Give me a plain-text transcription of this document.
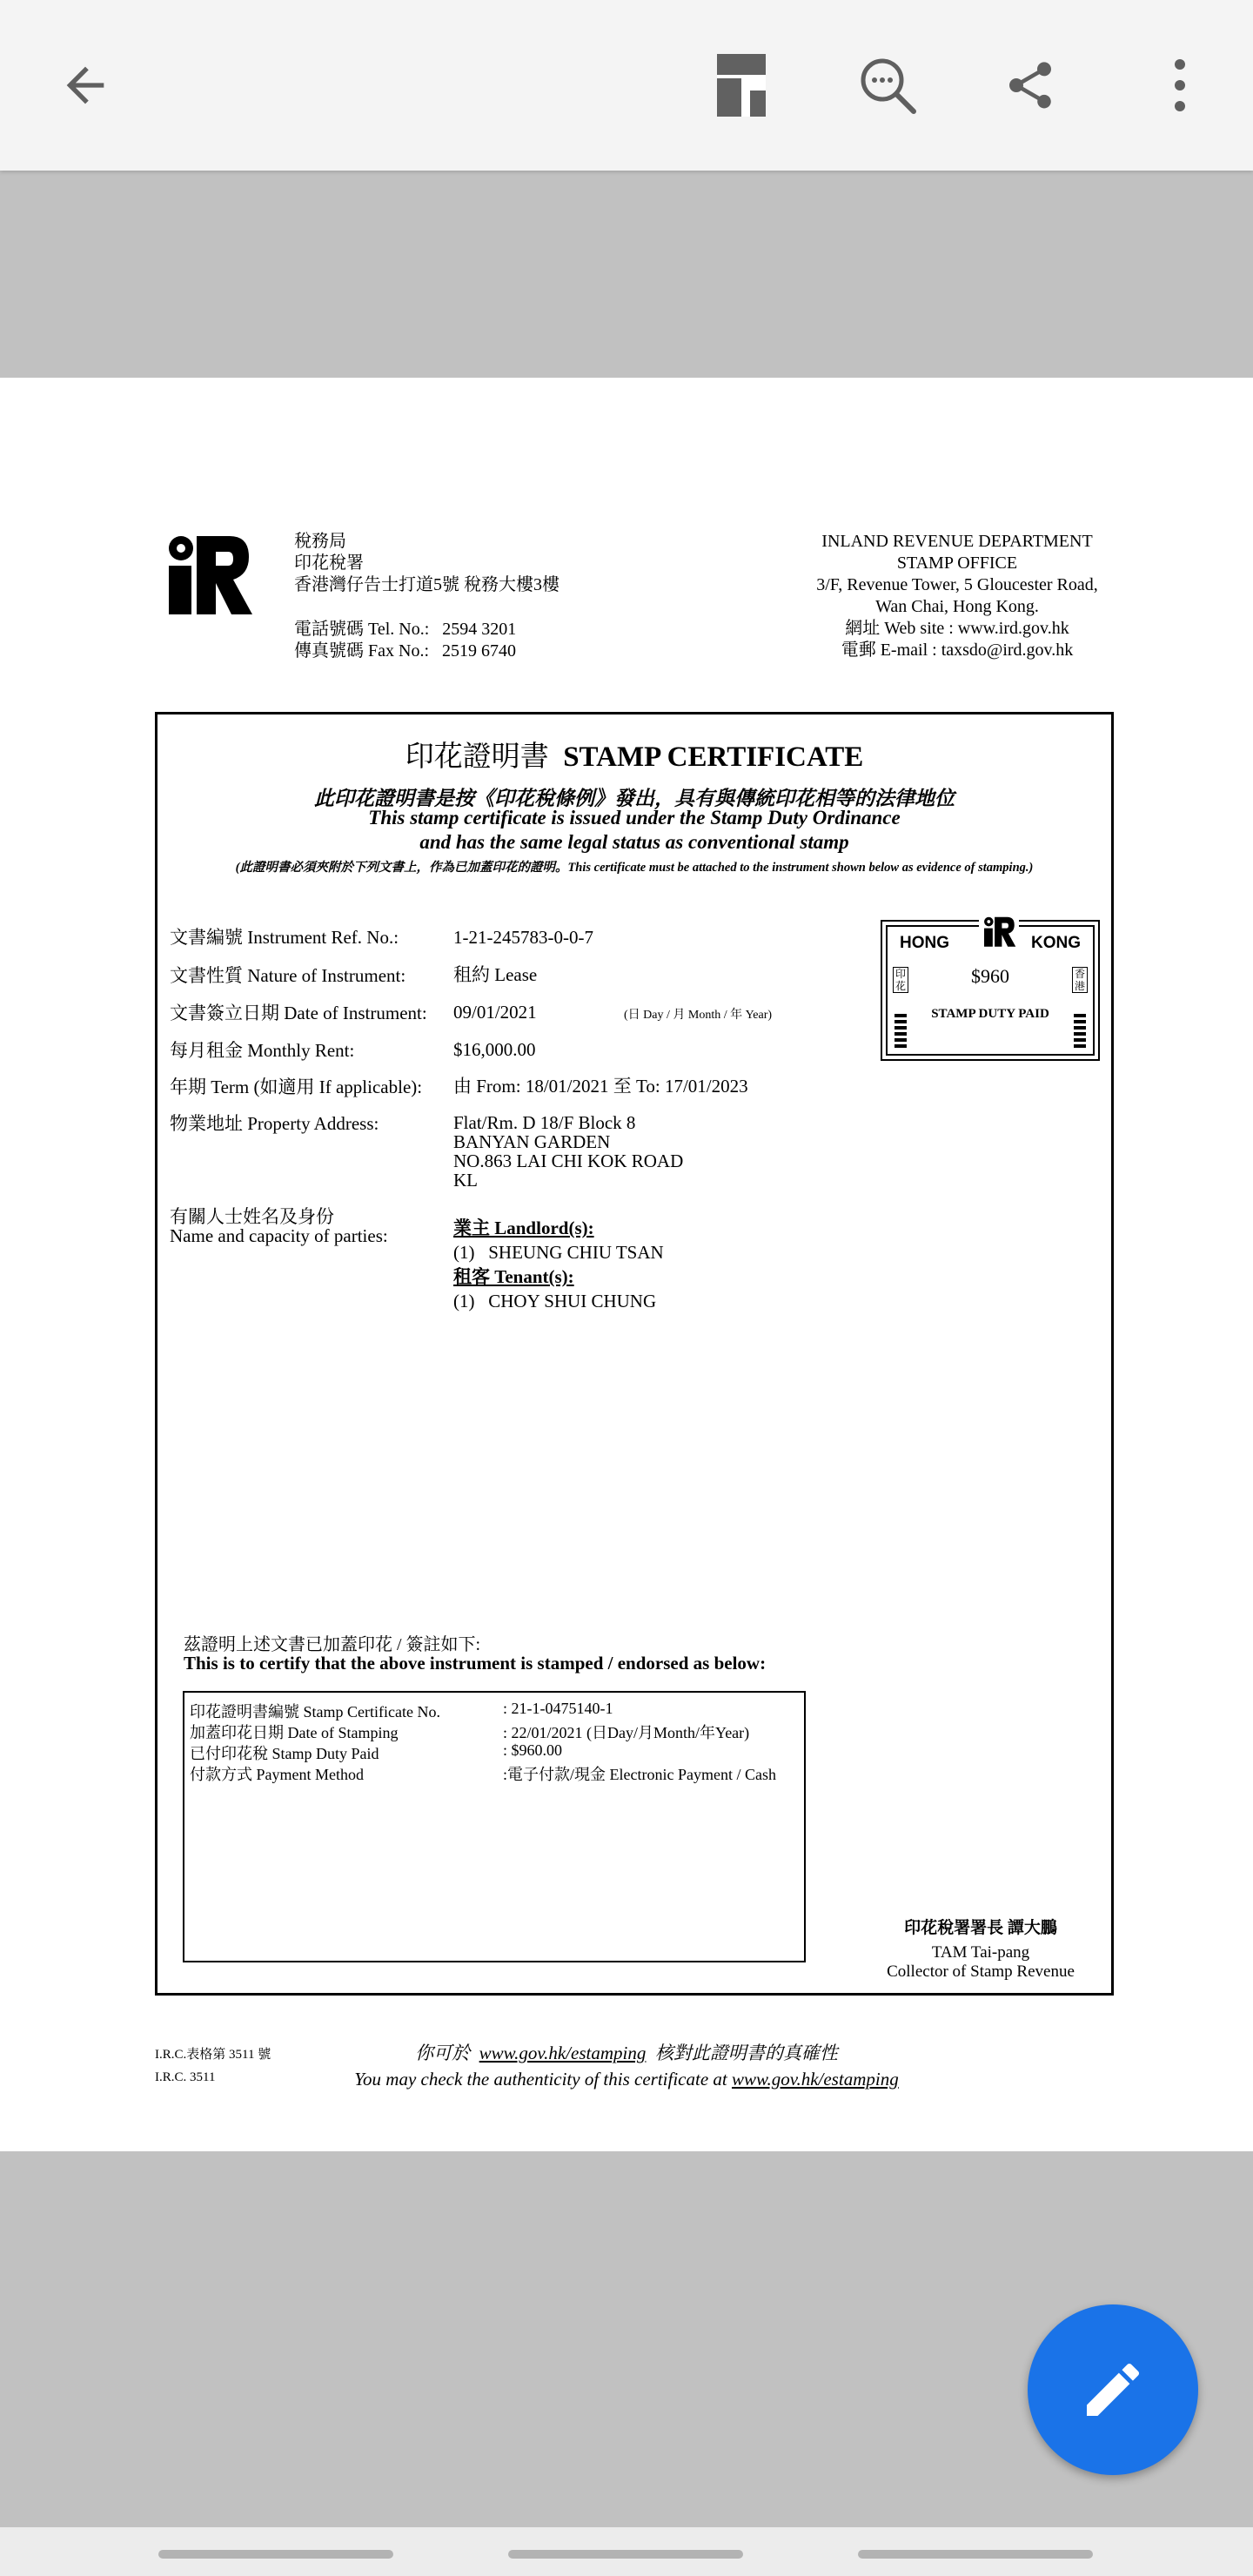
稅務局
印花稅署
香港灣仔告士打道5號 稅務大樓3樓
電話號碼 Tel. No.: 2594 3201
傳真號碼 Fax No.: 2519 6740
INLAND REVENUE DEPARTMENT
STAMP OFFICE
3/F, Revenue Tower, 5 Gloucester Road,
Wan Chai, Hong Kong.
網址 Web site : www.ird.gov.hk
電郵 E-mail : taxsdo@ird.gov.hk
印花證明書 STAMP CERTIFICATE
此印花證明書是按《印花稅條例》發出，具有與傳統印花相等的法律地位
This stamp certificate is issued under the Stamp Duty Ordinance
and has the same legal status as conventional stamp
(此證明書必須夾附於下列文書上，作為已加蓋印花的證明。This certificate must be attached to the instrument shown below as evidence of stamping.)
文書編號 Instrument Ref. No.:	1-21-245783-0-0-7
文書性質 Nature of Instrument:	租約 Lease
文書簽立日期 Date of Instrument: 09/01/2021	(日 Day / 月 Month / 年 Year)
每月租金 Monthly Rent:	$16,000.00
年期 Term (如適用 If applicable): 由 From: 18/01/2021 至 To: 17/01/2023
物業地址 Property Address:	Flat/Rm. D 18/F Block 8
BANYAN GARDEN
NO.863 LAI CHI KOK ROAD
KL
有關人士姓名及身份
Name and capacity of parties:	業主 Landlord(s):
(1)   SHEUNG CHIU TSAN
租客 Tenant(s):
(1)   CHOY SHUI CHUNG
HONG	KONG
$960
STAMP DUTY PAID
印花
香港
茲證明上述文書已加蓋印花 / 簽註如下:
This is to certify that the above instrument is stamped / endorsed as below:
印花證明書編號 Stamp Certificate No.	: 21-1-0475140-1
加蓋印花日期 Date of Stamping	: 22/01/2021 (日Day/月Month/年Year)
已付印花稅 Stamp Duty Paid	: $960.00
付款方式 Payment Method	:電子付款/現金 Electronic Payment / Cash
印花稅署署長 譚大鵬
TAM Tai-pang
Collector of Stamp Revenue
I.R.C.表格第 3511 號
I.R.C. 3511
你可於 www.gov.hk/estamping 核對此證明書的真確性
You may check the authenticity of this certificate at www.gov.hk/estamping
